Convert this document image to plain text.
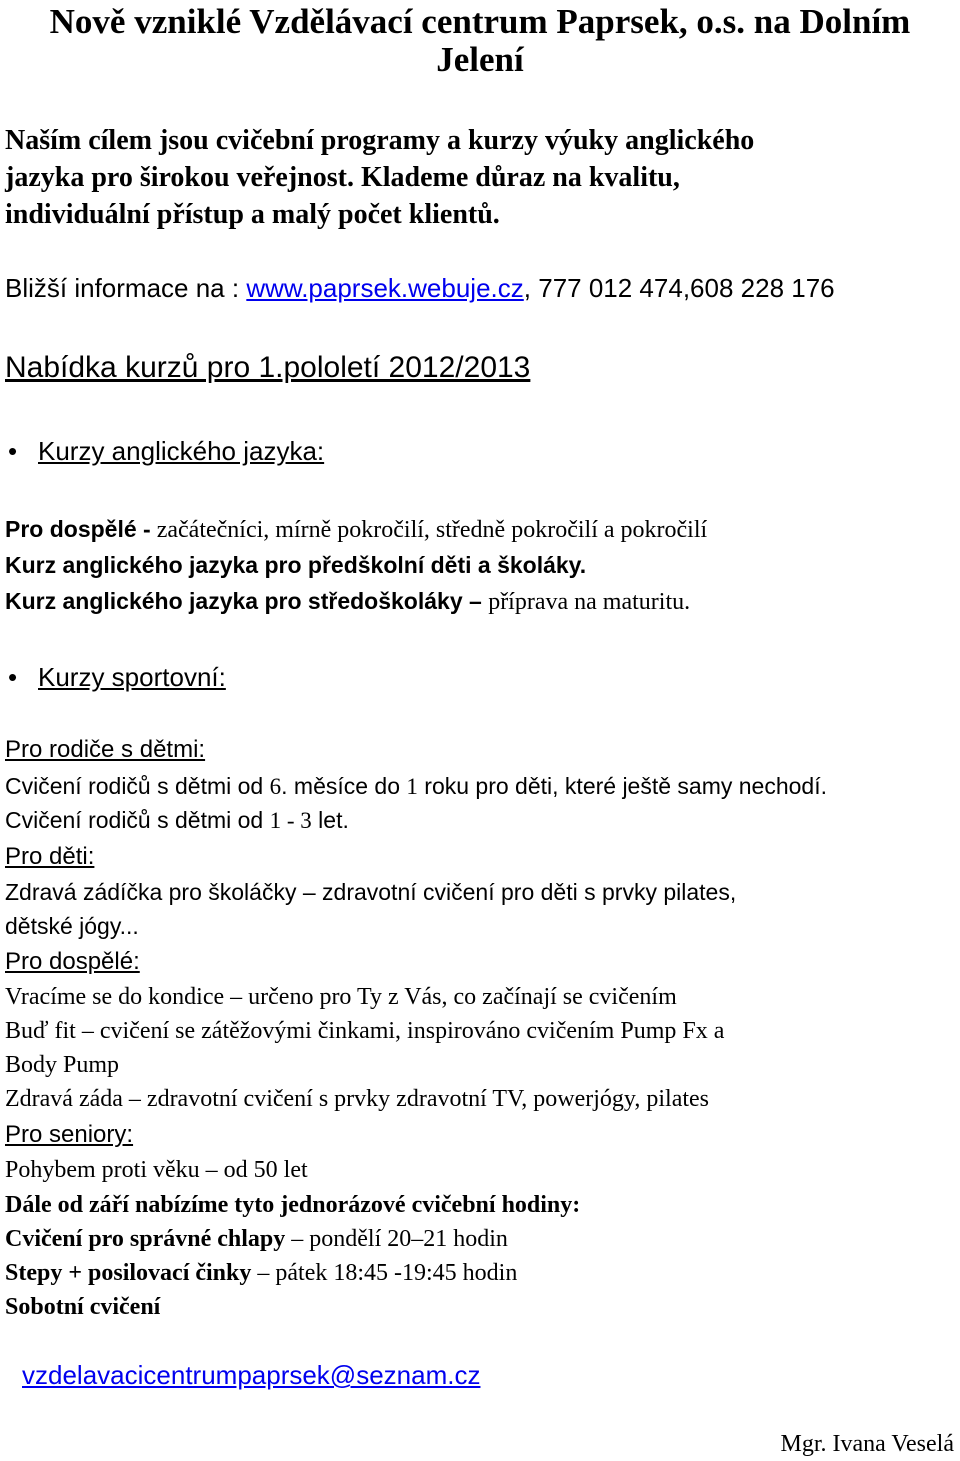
Nově vzniklé Vzdělávací centrum Paprsek, o.s. na Dolním
Jelení
Naším cílem jsou cvičební programy a kurzy výuky anglického
jazyka pro širokou veřejnost. Klademe důraz na kvalitu,
individuální přístup a malý počet klientů.
Bližší informace na : www.paprsek.webuje.cz, 777 012 474,608 228 176
Nabídka kurzů pro 1.pololetí 2012/2013
• Kurzy anglického jazyka:
Pro dospělé - začátečníci, mírně pokročilí, středně pokročilí a pokročilí
Kurz anglického jazyka pro předškolní děti a školáky.
Kurz anglického jazyka pro středoškoláky – příprava na maturitu.
• Kurzy sportovní:
Pro rodiče s dětmi:
Cvičení rodičů s dětmi od 6. měsíce do 1 roku pro děti, které ještě samy nechodí.
Cvičení rodičů s dětmi od 1 - 3 let.
Pro děti:
Zdravá zádíčka pro školáčky – zdravotní cvičení pro děti s prvky pilates,
dětské jógy...
Pro dospělé:
Vracíme se do kondice – určeno pro Ty z Vás, co začínají se cvičením
Buď fit – cvičení se zátěžovými činkami, inspirováno cvičením Pump Fx a
Body Pump
Zdravá záda – zdravotní cvičení s prvky zdravotní TV, powerjógy, pilates
Pro seniory:
Pohybem proti věku – od 50 let
Dále od září nabízíme tyto jednorázové cvičební hodiny:
Cvičení pro správné chlapy – pondělí 20–21 hodin
Stepy + posilovací činky – pátek 18:45 -19:45 hodin
Sobotní cvičení
vzdelavacicentrumpaprsek@seznam.cz
Mgr. Ivana Veselá
